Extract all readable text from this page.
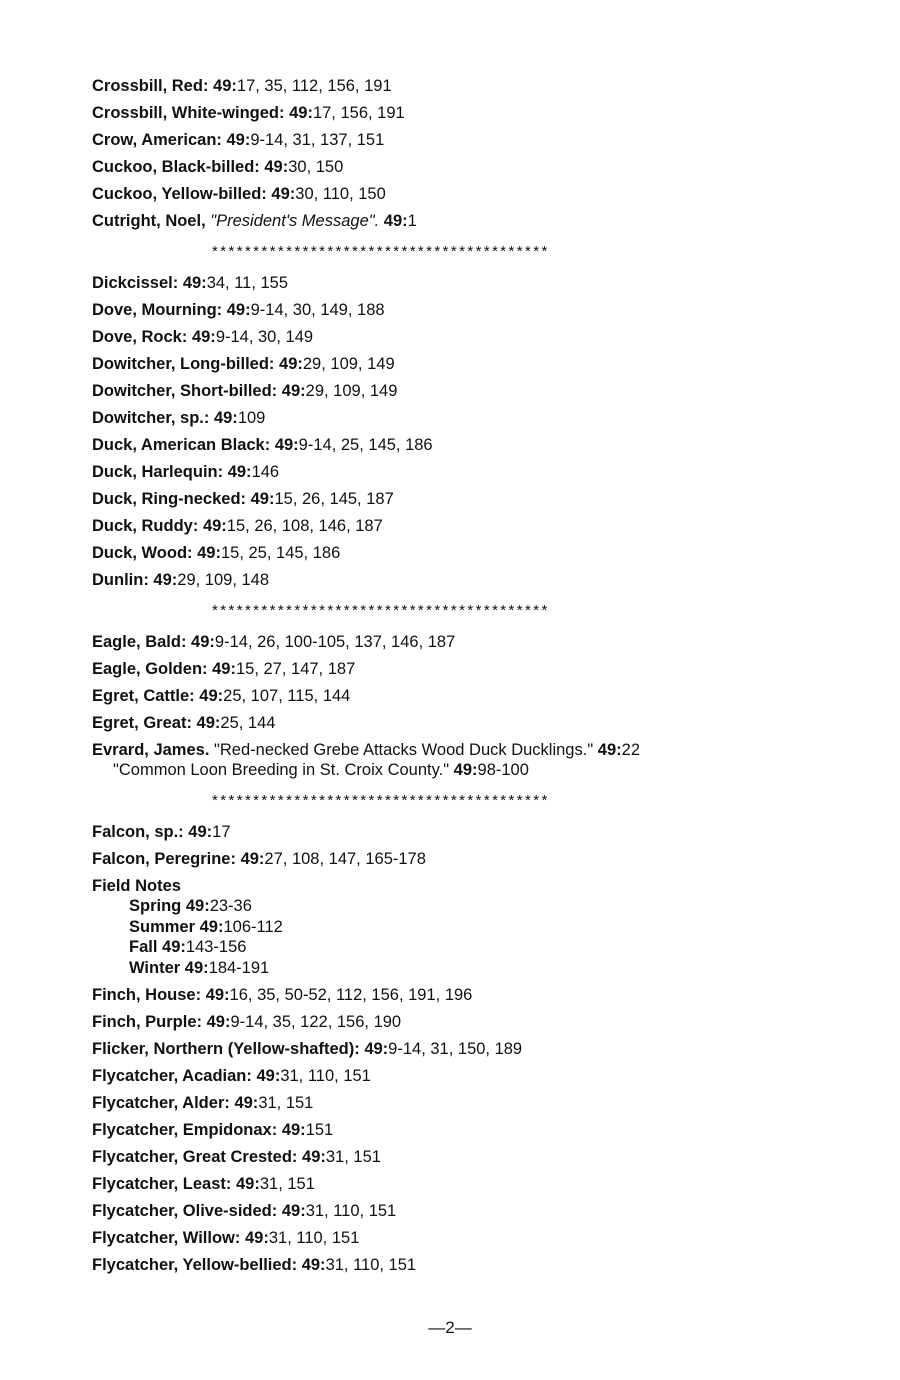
Crossbill, Red: 49:17, 35, 112, 156, 191
Crossbill, White-winged: 49:17, 156, 191
Crow, American: 49:9-14, 31, 137, 151
Cuckoo, Black-billed: 49:30, 150
Cuckoo, Yellow-billed: 49:30, 110, 150
Cutright, Noel, "President's Message". 49:1
*****************************************
Dickcissel: 49:34, 11, 155
Dove, Mourning: 49:9-14, 30, 149, 188
Dove, Rock: 49:9-14, 30, 149
Dowitcher, Long-billed: 49:29, 109, 149
Dowitcher, Short-billed: 49:29, 109, 149
Dowitcher, sp.: 49:109
Duck, American Black: 49:9-14, 25, 145, 186
Duck, Harlequin: 49:146
Duck, Ring-necked: 49:15, 26, 145, 187
Duck, Ruddy: 49:15, 26, 108, 146, 187
Duck, Wood: 49:15, 25, 145, 186
Dunlin: 49:29, 109, 148
*****************************************
Eagle, Bald: 49:9-14, 26, 100-105, 137, 146, 187
Eagle, Golden: 49:15, 27, 147, 187
Egret, Cattle: 49:25, 107, 115, 144
Egret, Great: 49:25, 144
Evrard, James. "Red-necked Grebe Attacks Wood Duck Ducklings." 49:22
"Common Loon Breeding in St. Croix County." 49:98-100
*****************************************
Falcon, sp.: 49:17
Falcon, Peregrine: 49:27, 108, 147, 165-178
Field Notes
Spring 49:23-36
Summer 49:106-112
Fall 49:143-156
Winter 49:184-191
Finch, House: 49:16, 35, 50-52, 112, 156, 191, 196
Finch, Purple: 49:9-14, 35, 122, 156, 190
Flicker, Northern (Yellow-shafted): 49:9-14, 31, 150, 189
Flycatcher, Acadian: 49:31, 110, 151
Flycatcher, Alder: 49:31, 151
Flycatcher, Empidonax: 49:151
Flycatcher, Great Crested: 49:31, 151
Flycatcher, Least: 49:31, 151
Flycatcher, Olive-sided: 49:31, 110, 151
Flycatcher, Willow: 49:31, 110, 151
Flycatcher, Yellow-bellied: 49:31, 110, 151
—2—
